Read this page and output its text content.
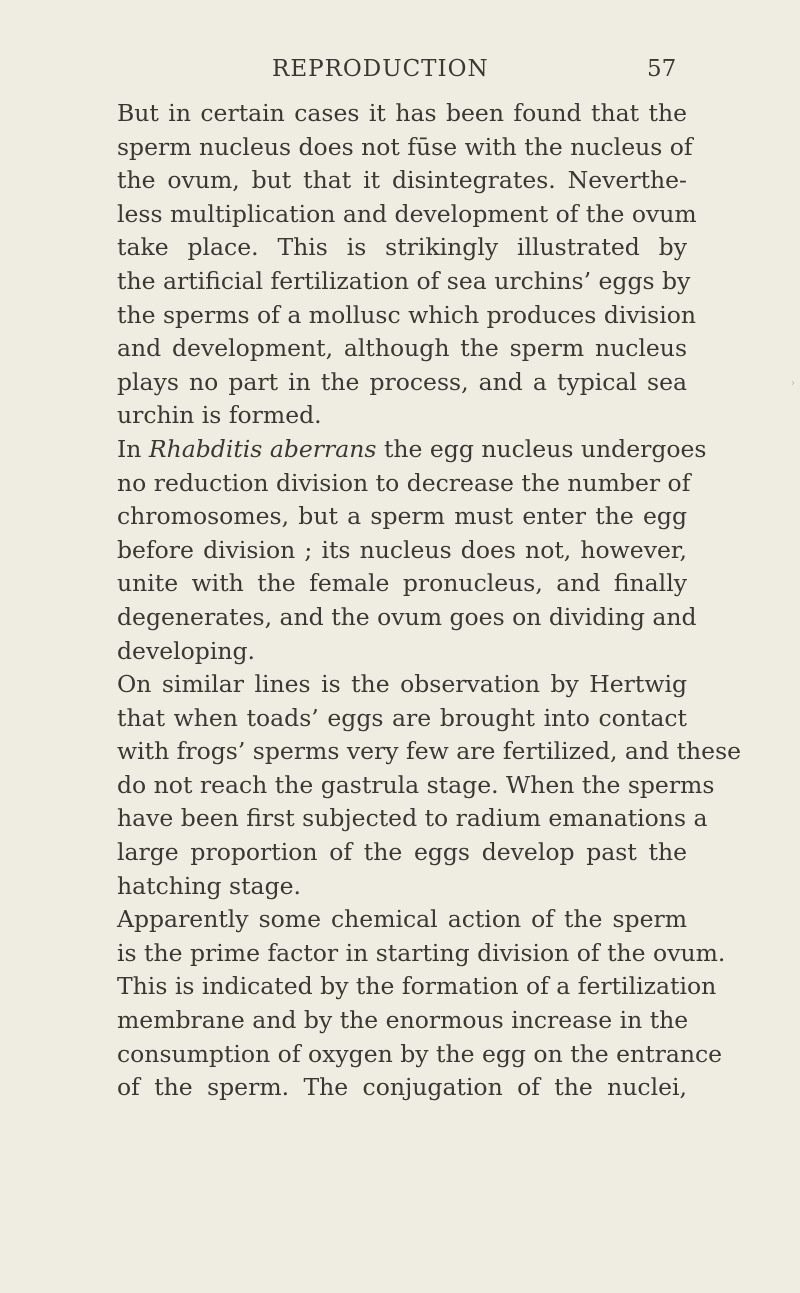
REPRODUCTION	57

But in certain cases it has been found that the
sperm nucleus does not fūse with the nucleus of
the ovum, but that it disintegrates. Neverthe-
less multiplication and development of the ovum
take place. This is strikingly illustrated by
the artificial fertilization of sea urchins’ eggs by
the sperms of a mollusc which produces division
and development, although the sperm nucleus
plays no part in the process, and a typical sea
urchin is formed.

In Rhabditis aberrans the egg nucleus undergoes
no reduction division to decrease the number of
chromosomes, but a sperm must enter the egg
before division ; its nucleus does not, however,
unite with the female pronucleus, and finally
degenerates, and the ovum goes on dividing and
developing.

On similar lines is the observation by Hertwig
that when toads’ eggs are brought into contact
with frogs’ sperms very few are fertilized, and these
do not reach the gastrula stage. When the sperms
have been first subjected to radium emanations a
large proportion of the eggs develop past the
hatching stage.

Apparently some chemical action of the sperm
is the prime factor in starting division of the ovum.
This is indicated by the formation of a fertilization
membrane and by the enormous increase in the
consumption of oxygen by the egg on the entrance
of the sperm. The conjugation of the nuclei,

›
